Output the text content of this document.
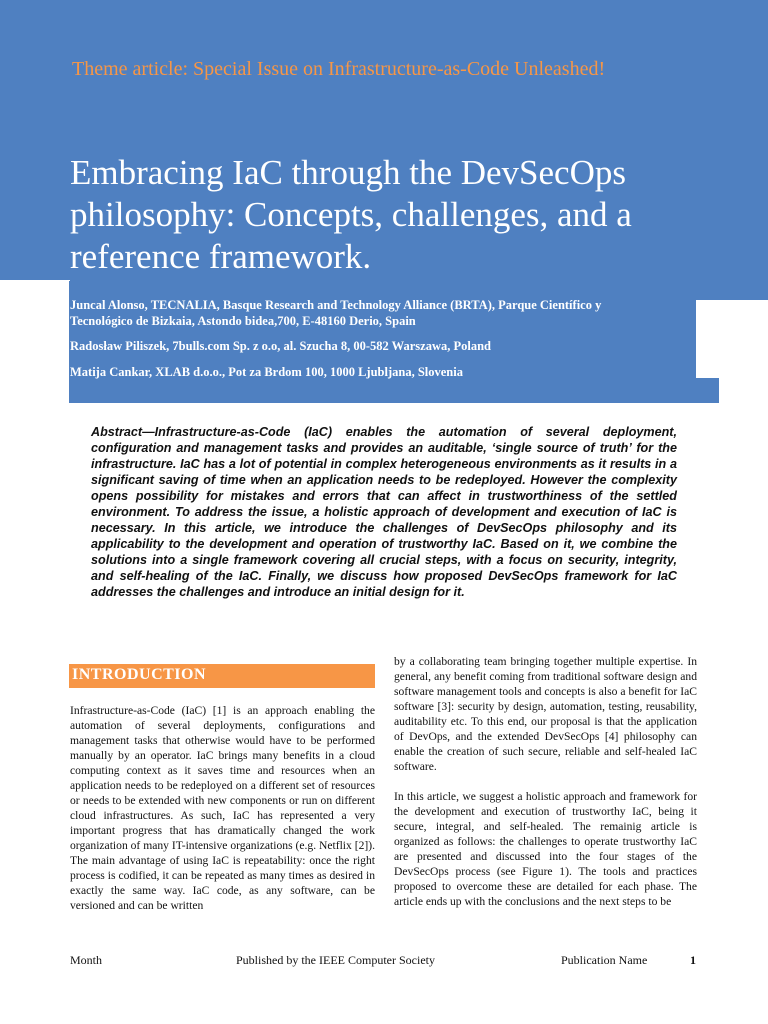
Theme article: Special Issue on Infrastructure-as-Code Unleashed!
Embracing IaC through the DevSecOps philosophy: Concepts, challenges, and a reference framework.
Juncal Alonso, TECNALIA, Basque Research and Technology Alliance (BRTA), Parque Científico y
Tecnológico de Bizkaia, Astondo bidea,700, E-48160 Derio, Spain
Radosław Piliszek, 7bulls.com Sp. z o.o, al. Szucha 8, 00-582 Warszawa, Poland
Matija Cankar, XLAB d.o.o., Pot za Brdom 100, 1000 Ljubljana, Slovenia
Abstract—Infrastructure-as-Code (IaC) enables the automation of several deployment, configuration and management tasks and provides an auditable, ‘single source of truth’ for the infrastructure. IaC has a lot of potential in complex heterogeneous environments as it results in a significant saving of time when an application needs to be redeployed. However the complexity opens possibility for mistakes and errors that can affect in trustworthiness of the settled environment. To address the issue, a holistic approach of development and execution of IaC is necessary. In this article, we introduce the challenges of DevSecOps philosophy and its applicability to the development and operation of trustworthy IaC. Based on it, we combine the solutions into a single framework covering all crucial steps, with a focus on security, integrity, and self-healing of the IaC. Finally, we discuss how proposed DevSecOps framework for IaC addresses the challenges and introduce an initial design for it.
INTRODUCTION

Infrastructure-as-Code (IaC) [1] is an approach enabling the automation of several deployments, configurations and management tasks that otherwise would have to be performed manually by an operator. IaC brings many benefits in a cloud computing context as it saves time and resources when an application needs to be redeployed on a different set of resources or needs to be extended with new components or run on different cloud infrastructures. As such, IaC has represented a very important progress that has dramatically changed the work organization of many IT-intensive organizations (e.g. Netflix [2]). The main advantage of using IaC is repeatability: once the right process is codified, it can be repeated as many times as desired in exactly the same way. IaC code, as any software, can be versioned and can be written

by a collaborating team bringing together multiple expertise. In general, any benefit coming from traditional software design and software management tools and concepts is also a benefit for IaC software [3]: security by design, automation, testing, reusability, auditability etc. To this end, our proposal is that the application of DevOps, and the extended DevSecOps [4] philosophy can enable the creation of such secure, reliable and self-healed IaC software.

In this article, we suggest a holistic approach and framework for the development and execution of trustworthy IaC, being it secure, integral, and self-healed. The remainig article is organized as follows: the challenges to operate trustworthy IaC are presented and discussed into the four stages of the DevSecOps process (see Figure 1). The tools and practices proposed to overcome these are detailed for each phase. The article ends up with the conclusions and the next steps to be

Month	Published by the IEEE Computer Society	Publication Name	1
